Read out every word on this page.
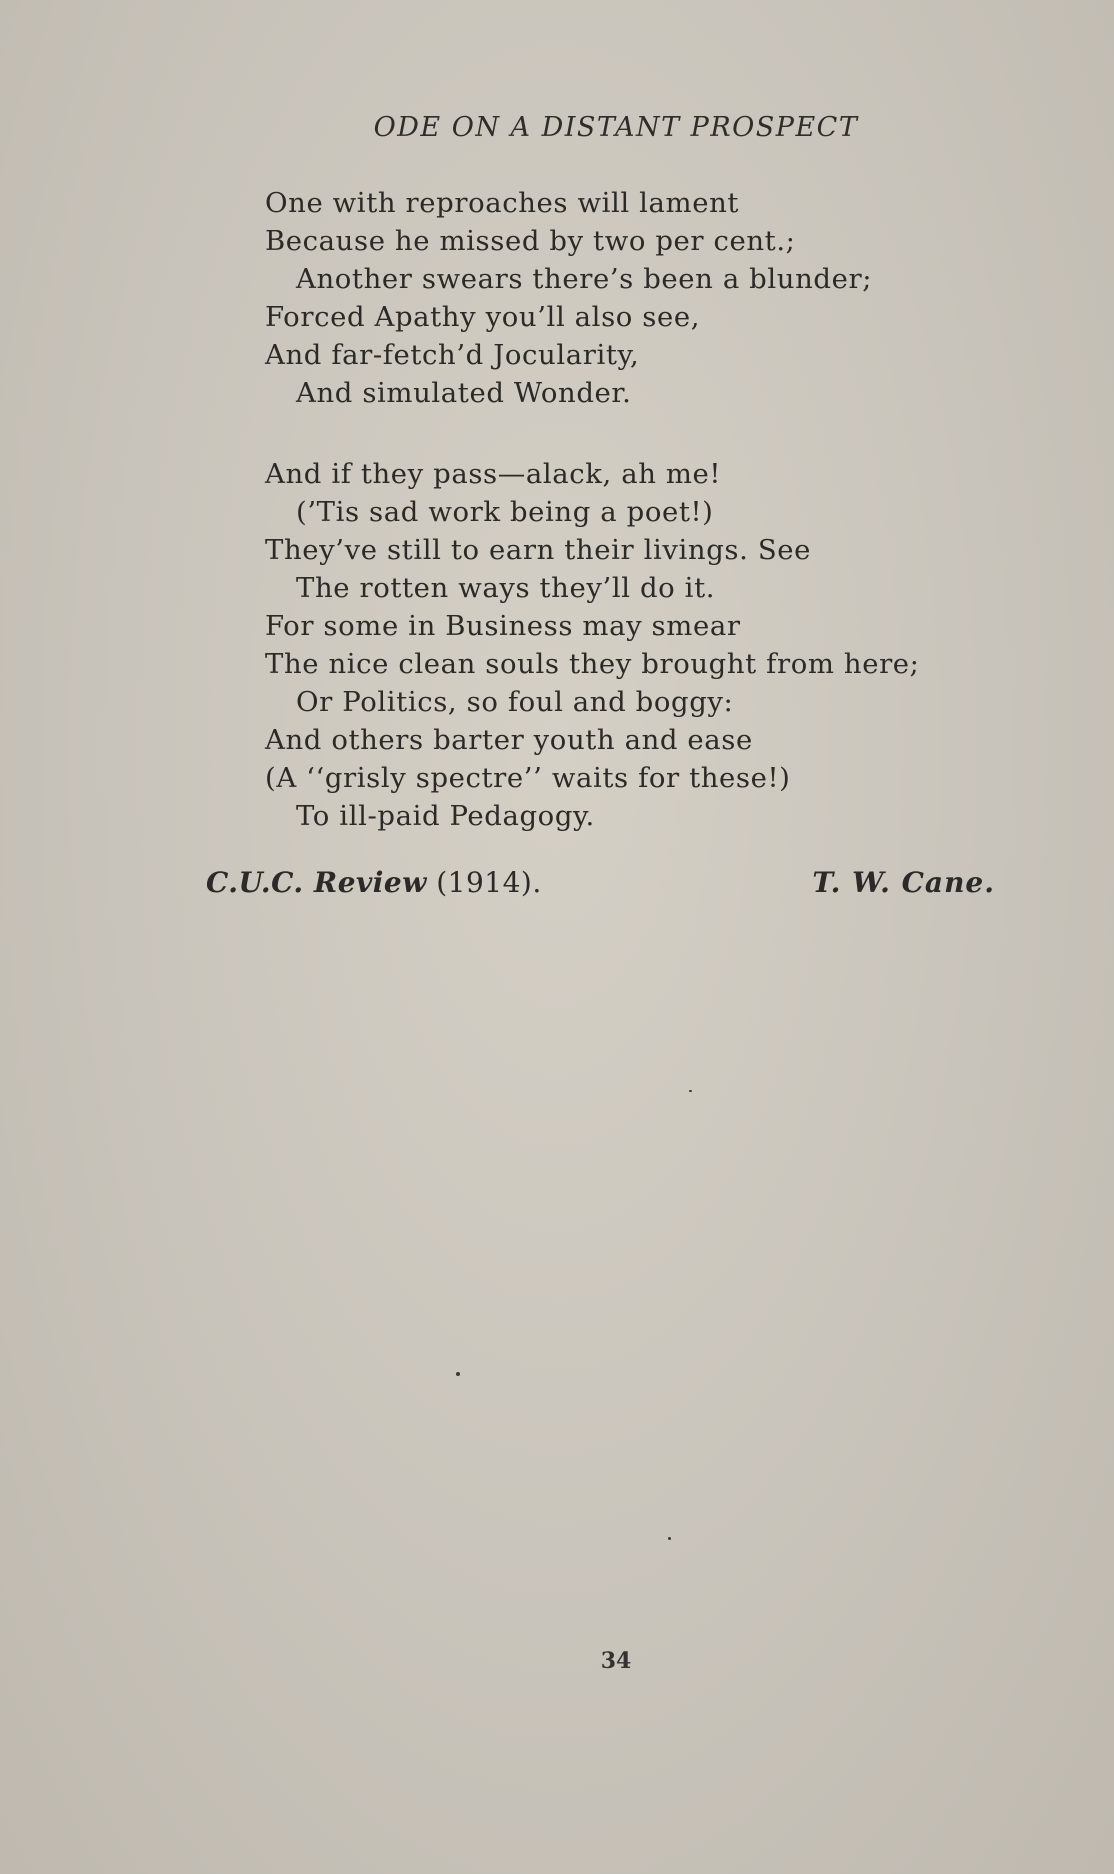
ODE ON A DISTANT PROSPECT
One with reproaches will lament
Because he missed by two per cent.;
Another swears there’s been a blunder;
Forced Apathy you’ll also see,
And far-fetch’d Jocularity,
And simulated Wonder.
And if they pass—alack, ah me!
(’Tis sad work being a poet!)
They’ve still to earn their livings. See
The rotten ways they’ll do it.
For some in Business may smear
The nice clean souls they brought from here;
Or Politics, so foul and boggy:
And others barter youth and ease
(A ‘‘grisly spectre’’ waits for these!)
To ill-paid Pedagogy.
C.U.C. Review (1914).	T. W. Cane.
34
